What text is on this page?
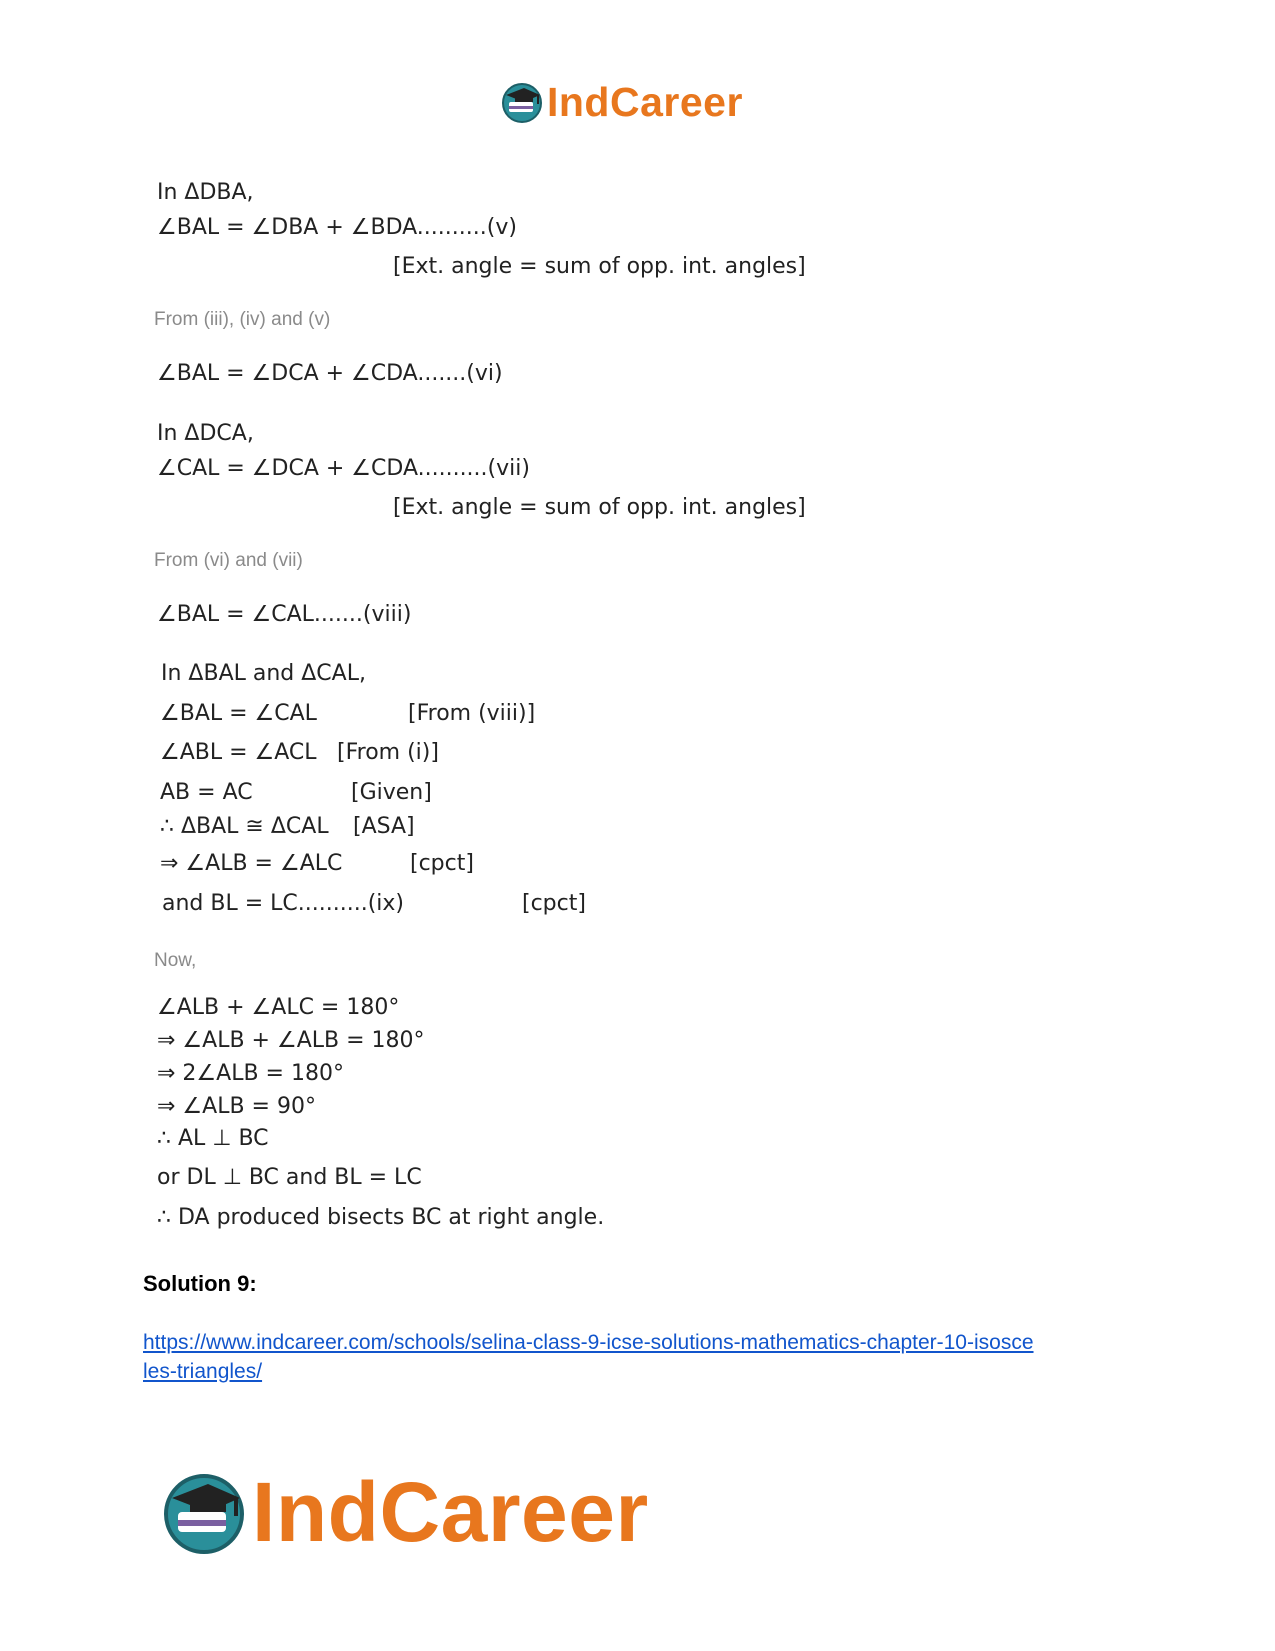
IndCareer
In ΔDBA,
∠BAL = ∠DBA + ∠BDA..........(v)
[Ext. angle = sum of opp. int. angles]
From (iii), (iv) and (v)
∠BAL = ∠DCA + ∠CDA.......(vi)
In ΔDCA,
∠CAL = ∠DCA + ∠CDA..........(vii)
[Ext. angle = sum of opp. int. angles]
From (vi) and (vii)
∠BAL = ∠CAL.......(viii)
In ΔBAL and ΔCAL,
∠BAL = ∠CAL	[From (viii)]
∠ABL = ∠ACL [From (i)]
AB = AC	[Given]
∴ ΔBAL ≅ ΔCAL [ASA]
⇒ ∠ALB = ∠ALC	[cpct]
and BL = LC..........(ix)	[cpct]
Now,
∠ALB + ∠ALC = 180°
⇒ ∠ALB + ∠ALB = 180°
⇒ 2∠ALB = 180°
⇒ ∠ALB = 90°
∴ AL ⊥ BC
or DL ⊥ BC and BL = LC
∴ DA produced bisects BC at right angle.
Solution 9:
https://www.indcareer.com/schools/selina-class-9-icse-solutions-mathematics-chapter-10-isosce
les-triangles/
IndCareer
